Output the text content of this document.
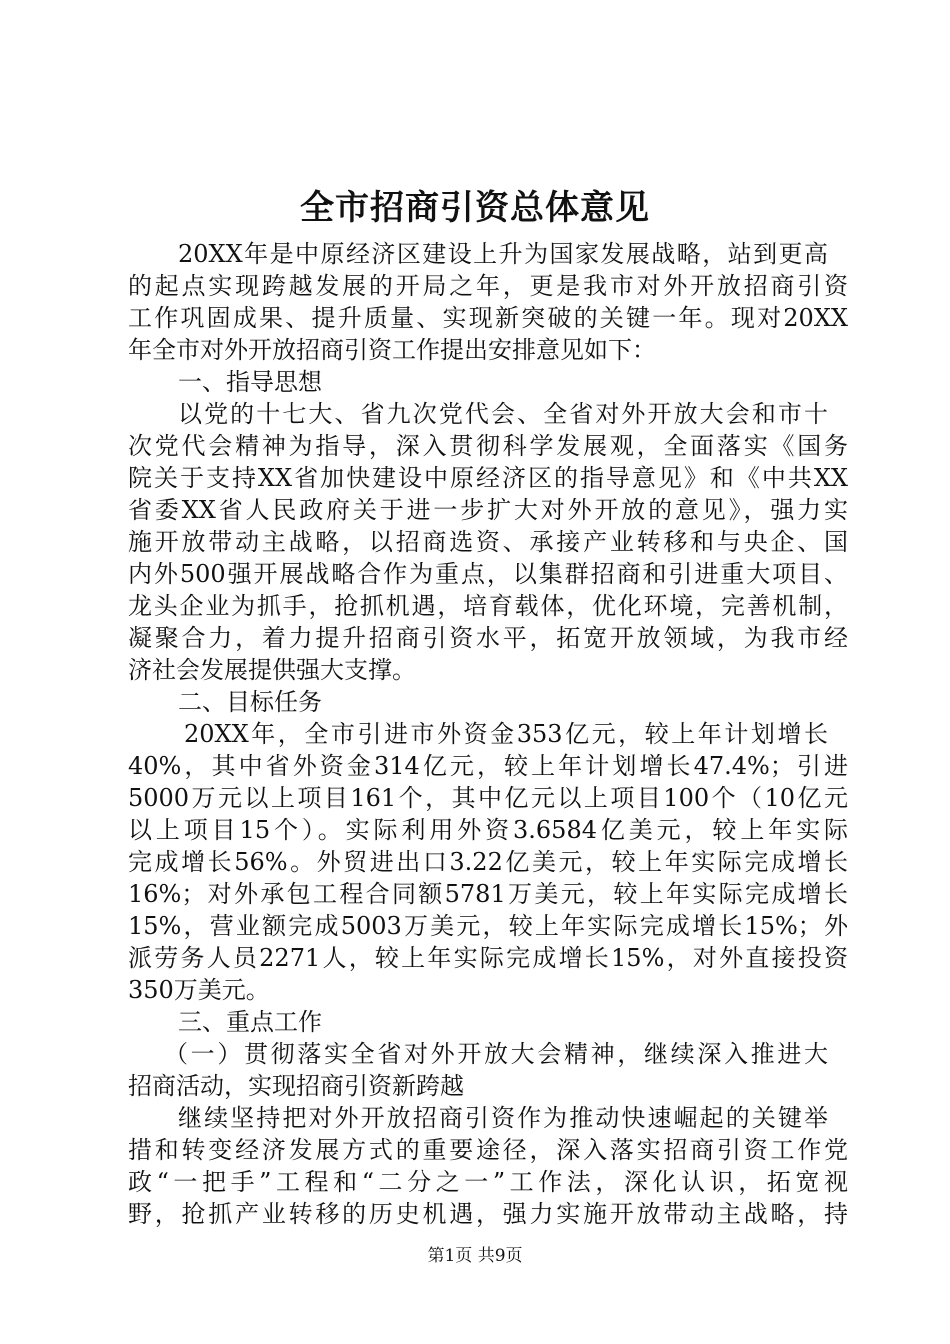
全市招商引资总体意见
20XX年是中原经济区建设上升为国家发展战略，站到更高
的起点实现跨越发展的开局之年，更是我市对外开放招商引资
工作巩固成果、提升质量、实现新突破的关键一年。现对20XX
年全市对外开放招商引资工作提出安排意见如下：
一、指导思想
以党的十七大、省九次党代会、全省对外开放大会和市十
次党代会精神为指导，深入贯彻科学发展观，全面落实《国务
院关于支持XX省加快建设中原经济区的指导意见》和《中共XX
省委XX省人民政府关于进一步扩大对外开放的意见》，强力实
施开放带动主战略，以招商选资、承接产业转移和与央企、国
内外500强开展战略合作为重点，以集群招商和引进重大项目、
龙头企业为抓手，抢抓机遇，培育载体，优化环境，完善机制，
凝聚合力，着力提升招商引资水平，拓宽开放领域，为我市经
济社会发展提供强大支撑。
二、目标任务
20XX年，全市引进市外资金353亿元，较上年计划增长
40%，其中省外资金314亿元，较上年计划增长47.4%；引进
5000万元以上项目161个，其中亿元以上项目100个（10亿元
以上项目15个）。实际利用外资3.6584亿美元，较上年实际
完成增长56%。外贸进出口3.22亿美元，较上年实际完成增长
16%；对外承包工程合同额5781万美元，较上年实际完成增长
15%，营业额完成5003万美元，较上年实际完成增长15%；外
派劳务人员2271人，较上年实际完成增长15%，对外直接投资
350万美元。
三、重点工作
（一）贯彻落实全省对外开放大会精神，继续深入推进大
招商活动，实现招商引资新跨越
继续坚持把对外开放招商引资作为推动快速崛起的关键举
措和转变经济发展方式的重要途径，深入落实招商引资工作党
政“一把手”工程和“二分之一”工作法，深化认识，拓宽视
野，抢抓产业转移的历史机遇，强力实施开放带动主战略，持
第1页 共9页
